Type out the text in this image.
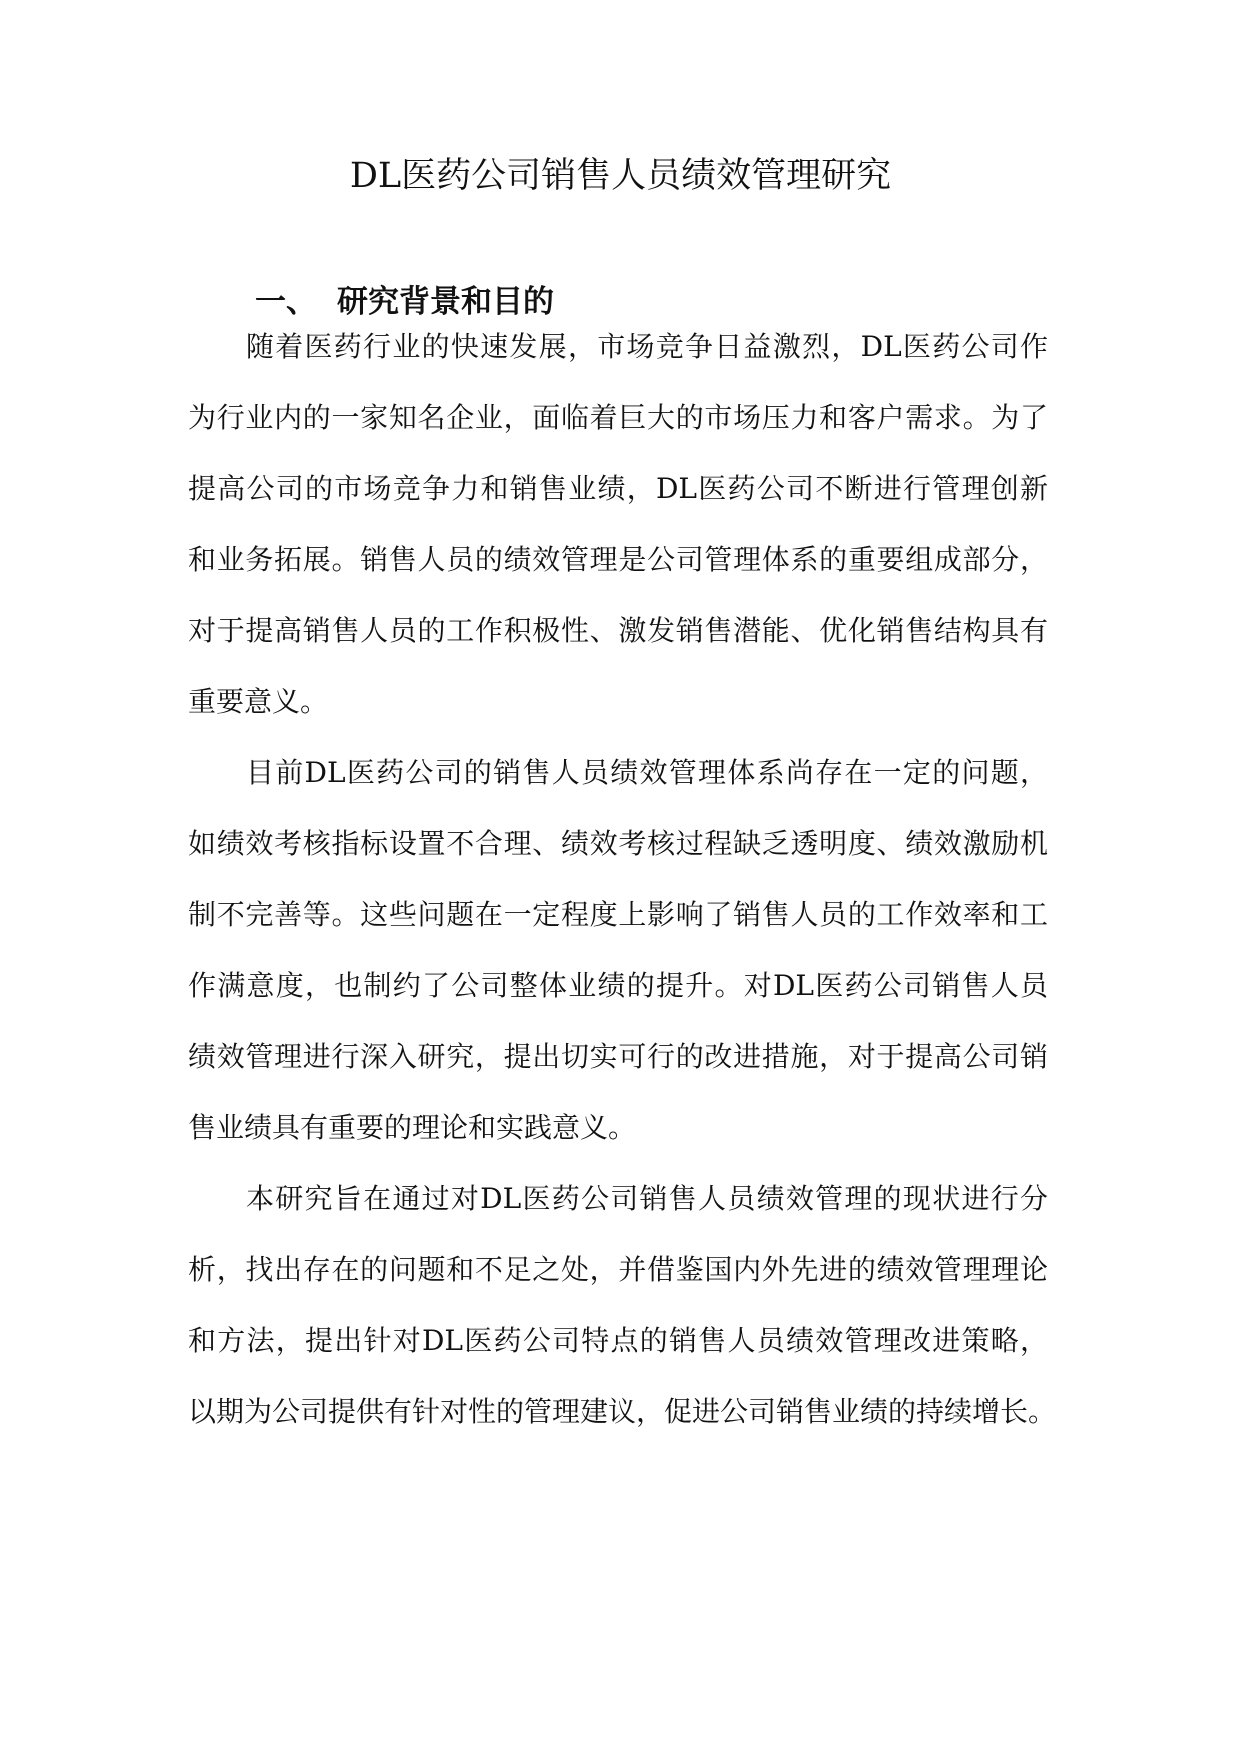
DL医药公司销售人员绩效管理研究
一、 研究背景和目的
随着医药行业的快速发展，市场竞争日益激烈，DL医药公司作
为行业内的一家知名企业，面临着巨大的市场压力和客户需求。为了
提高公司的市场竞争力和销售业绩，DL医药公司不断进行管理创新
和业务拓展。销售人员的绩效管理是公司管理体系的重要组成部分，
对于提高销售人员的工作积极性、激发销售潜能、优化销售结构具有
重要意义。
目前DL医药公司的销售人员绩效管理体系尚存在一定的问题，
如绩效考核指标设置不合理、绩效考核过程缺乏透明度、绩效激励机
制不完善等。这些问题在一定程度上影响了销售人员的工作效率和工
作满意度，也制约了公司整体业绩的提升。对DL医药公司销售人员
绩效管理进行深入研究，提出切实可行的改进措施，对于提高公司销
售业绩具有重要的理论和实践意义。
本研究旨在通过对DL医药公司销售人员绩效管理的现状进行分
析，找出存在的问题和不足之处，并借鉴国内外先进的绩效管理理论
和方法，提出针对DL医药公司特点的销售人员绩效管理改进策略，
以期为公司提供有针对性的管理建议，促进公司销售业绩的持续增长。
